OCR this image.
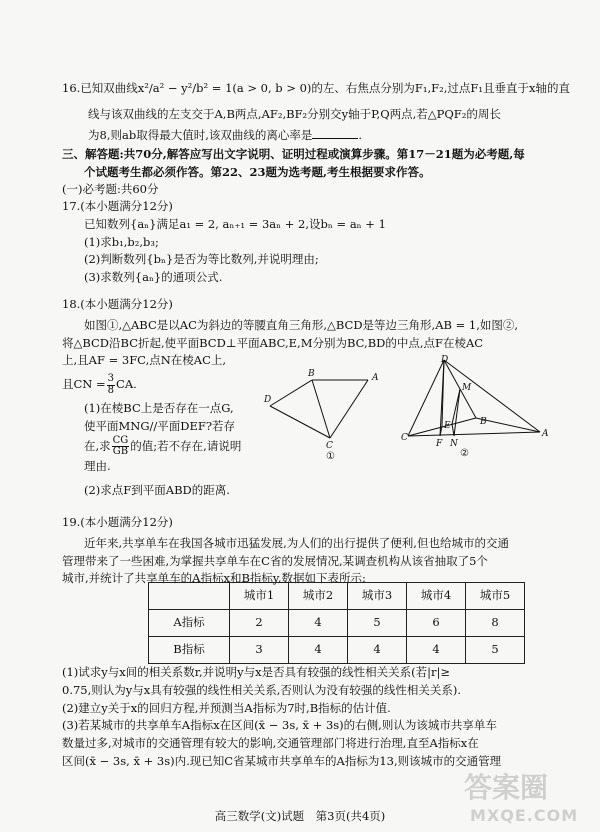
16.已知双曲线x²/a² − y²/b² = 1(a > 0, b > 0)的左、右焦点分别为F₁,F₂,过点F₁且垂直于x轴的直
线与该双曲线的左支交于A,B两点,AF₂,BF₂分别交y轴于P,Q两点,若△PQF₂的周长
为8,则ab取得最大值时,该双曲线的离心率是	.
三、解答题:共70分,解答应写出文字说明、证明过程或演算步骤。第17－21题为必考题,每
个试题考生都必须作答。第22、23题为选考题,考生根据要求作答。
(一)必考题:共60分
17.(本小题满分12分)
已知数列{aₙ}满足a₁ = 2, aₙ₊₁ = 3aₙ + 2,设bₙ = aₙ + 1
(1)求b₁,b₂,b₃;
(2)判断数列{bₙ}是否为等比数列,并说明理由;
(3)求数列{aₙ}的通项公式.
18.(本小题满分12分)
如图①,△ABC是以AC为斜边的等腰直角三角形,△BCD是等边三角形,AB = 1,如图②,
将△BCD沿BC折起,使平面BCD⊥平面ABC,E,M分别为BC,BD的中点,点F在棱AC
上,且AF = 3FC,点N在棱AC上,
且CN = $\frac{3}{8}$ CA.
(1)在棱BC上是否存在一点G,
使平面MNG//平面DEF?若存
在,求 $\frac{CG}{GB}$ 的值;若不存在,请说明
理由.
(2)求点F到平面ABD的距离.
B	A
D
C
①
D
M
A
B
E
C
F N
②
19.(本小题满分12分)
近年来,共享单车在我国各城市迅猛发展,为人们的出行提供了便利,但也给城市的交通
管理带来了一些困难,为掌握共享单车在C省的发展情况,某调查机构从该省抽取了5个
城市,并统计了共享单车的A指标x和B指标y,数据如下表所示:
	城市1	城市2	城市3	城市4	城市5
A指标	2	4	5	6	8
B指标	3	4	4	4	5
(1)试求y与x间的相关系数r,并说明y与x是否具有较强的线性相关关系(若|r|≥
0.75,则认为y与x具有较强的线性相关关系,否则认为没有较强的线性相关关系).
(2)建立y关于x的回归方程,并预测当A指标为7时,B指标的估计值.
(3)若某城市的共享单车A指标x在区间(x̄ − 3s, x̄ + 3s)的右侧,则认为该城市共享单车
数量过多,对城市的交通管理有较大的影响,交通管理部门将进行治理,直至A指标x在
区间(x̄ − 3s, x̄ + 3s)内.现已知C省某城市共享单车的A指标为13,则该城市的交通管理
高三数学(文)试题　第3页(共4页)
答案圈
MXQE.COM
